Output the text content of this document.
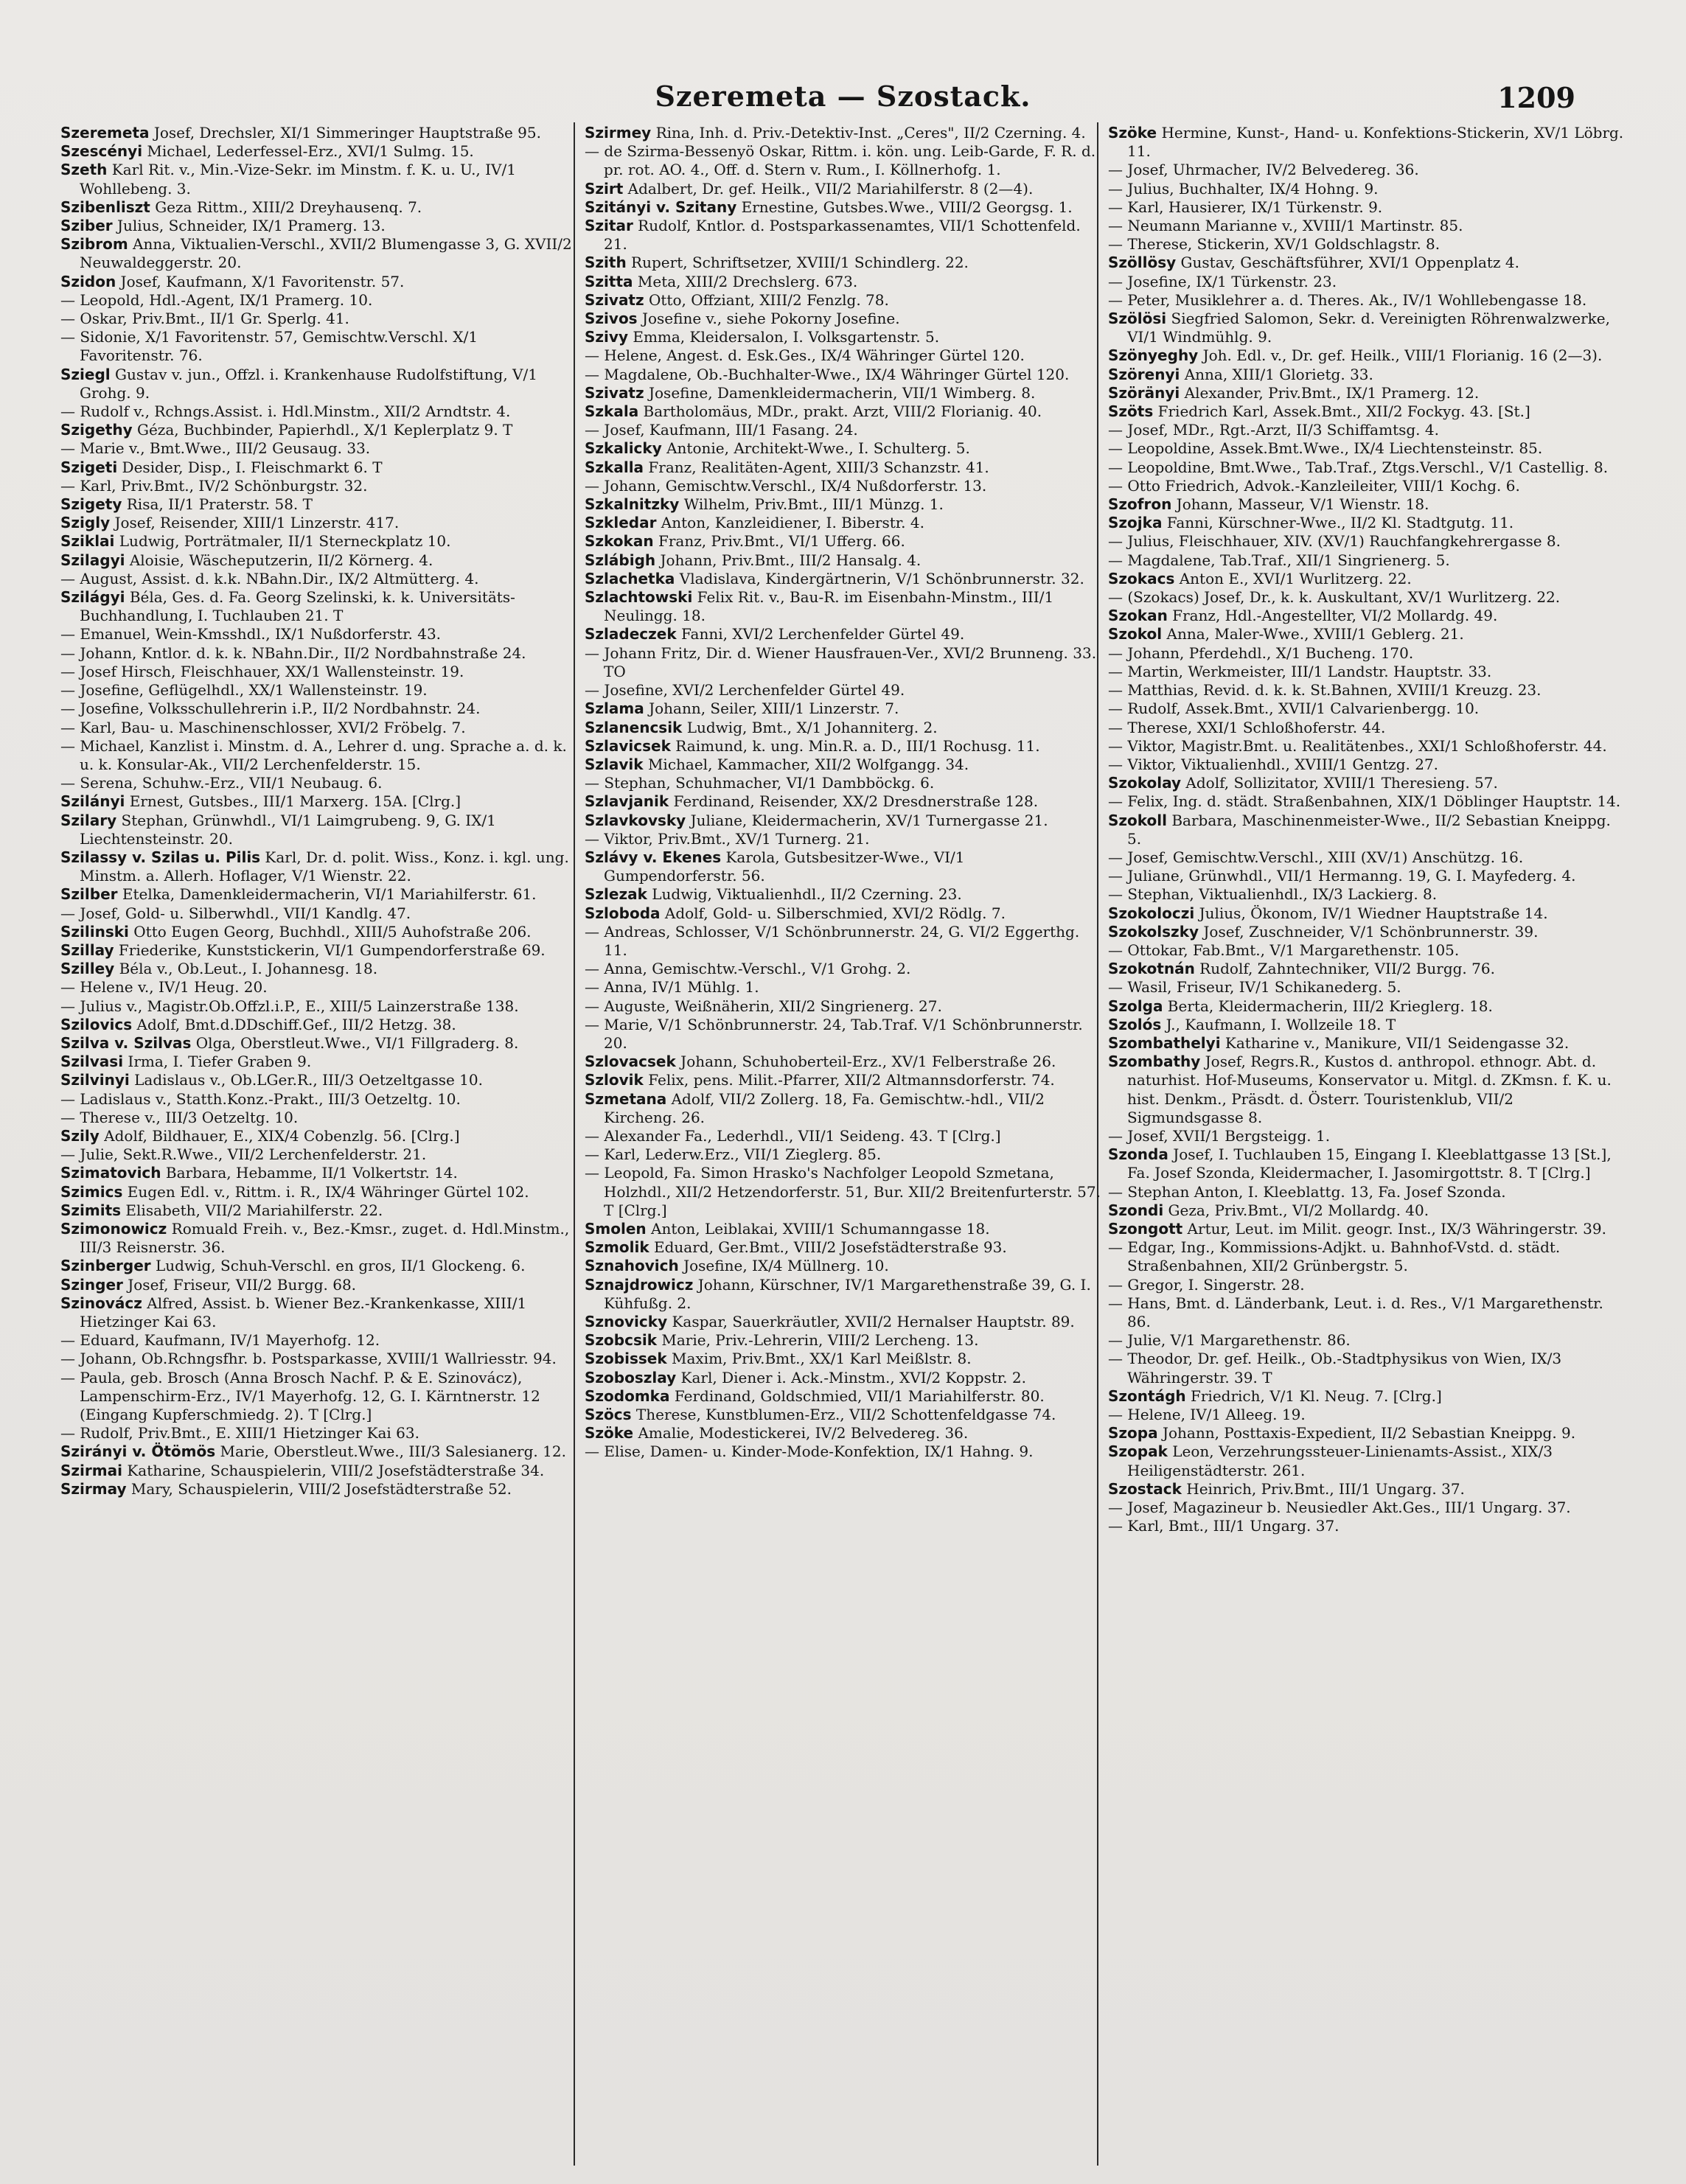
Szeremeta — Szostack.	1209

Szeremeta Josef, Drechsler, XI/1 Simmeringer Hauptstraße 95.

Szescényi Michael, Lederfessel-Erz., XVI/1 Sulmg. 15.

Szeth Karl Rit. v., Min.-Vize-Sekr. im Minstm. f. K. u. U., IV/1 Wohllebeng. 3.

Szibenliszt Geza Rittm., XIII/2 Dreyhausenq. 7.

Sziber Julius, Schneider, IX/1 Pramerg. 13.

Szibrom Anna, Viktualien-Verschl., XVII/2 Blumengasse 3, G. XVII/2 Neuwaldeggerstr. 20.

Szidon Josef, Kaufmann, X/1 Favoritenstr. 57.

— Leopold, Hdl.-Agent, IX/1 Pramerg. 10.

— Oskar, Priv.Bmt., II/1 Gr. Sperlg. 41.

— Sidonie, X/1 Favoritenstr. 57, Gemischtw.Verschl. X/1 Favoritenstr. 76.

Sziegl Gustav v. jun., Offzl. i. Krankenhause Rudolfstiftung, V/1 Grohg. 9.

— Rudolf v., Rchngs.Assist. i. Hdl.Minstm., XII/2 Arndtstr. 4.

Szigethy Géza, Buchbinder, Papierhdl., X/1 Keplerplatz 9. T

— Marie v., Bmt.Wwe., III/2 Geusaug. 33.

Szigeti Desider, Disp., I. Fleischmarkt 6. T

— Karl, Priv.Bmt., IV/2 Schönburgstr. 32.

Szigety Risa, II/1 Praterstr. 58. T

Szigly Josef, Reisender, XIII/1 Linzerstr. 417.

Sziklai Ludwig, Porträtmaler, II/1 Sterneckplatz 10.

Szilagyi Aloisie, Wäscheputzerin, II/2 Körnerg. 4.

— August, Assist. d. k.k. NBahn.Dir., IX/2 Altmütterg. 4.

Szilágyi Béla, Ges. d. Fa. Georg Szelinski, k. k. Universitäts-Buchhandlung, I. Tuchlauben 21. T

— Emanuel, Wein-Kmsshdl., IX/1 Nußdorferstr. 43.

— Johann, Kntlor. d. k. k. NBahn.Dir., II/2 Nordbahnstraße 24.

— Josef Hirsch, Fleischhauer, XX/1 Wallensteinstr. 19.

— Josefine, Geflügelhdl., XX/1 Wallensteinstr. 19.

— Josefine, Volksschullehrerin i.P., II/2 Nordbahnstr. 24.

— Karl, Bau- u. Maschinenschlosser, XVI/2 Fröbelg. 7.

— Michael, Kanzlist i. Minstm. d. A., Lehrer d. ung. Sprache a. d. k. u. k. Konsular-Ak., VII/2 Lerchenfelderstr. 15.

— Serena, Schuhw.-Erz., VII/1 Neubaug. 6.

Szilányi Ernest, Gutsbes., III/1 Marxerg. 15A. [Clrg.]

Szilary Stephan, Grünwhdl., VI/1 Laimgrubeng. 9, G. IX/1 Liechtensteinstr. 20.

Szilassy v. Szilas u. Pilis Karl, Dr. d. polit. Wiss., Konz. i. kgl. ung. Minstm. a. Allerh. Hoflager, V/1 Wienstr. 22.

Szilber Etelka, Damenkleidermacherin, VI/1 Mariahilferstr. 61.

— Josef, Gold- u. Silberwhdl., VII/1 Kandlg. 47.

Szilinski Otto Eugen Georg, Buchhdl., XIII/5 Auhofstraße 206.

Szillay Friederike, Kunststickerin, VI/1 Gumpendorferstraße 69.

Szilley Béla v., Ob.Leut., I. Johannesg. 18.

— Helene v., IV/1 Heug. 20.

— Julius v., Magistr.Ob.Offzl.i.P., E., XIII/5 Lainzerstraße 138.

Szilovics Adolf, Bmt.d.DDschiff.Gef., III/2 Hetzg. 38.

Szilva v. Szilvas Olga, Oberstleut.Wwe., VI/1 Fillgraderg. 8.

Szilvasi Irma, I. Tiefer Graben 9.

Szilvinyi Ladislaus v., Ob.LGer.R., III/3 Oetzeltgasse 10.

— Ladislaus v., Statth.Konz.-Prakt., III/3 Oetzeltg. 10.

— Therese v., III/3 Oetzeltg. 10.

Szily Adolf, Bildhauer, E., XIX/4 Cobenzlg. 56. [Clrg.]

— Julie, Sekt.R.Wwe., VII/2 Lerchenfelderstr. 21.

Szimatovich Barbara, Hebamme, II/1 Volkertstr. 14.

Szimics Eugen Edl. v., Rittm. i. R., IX/4 Währinger Gürtel 102.

Szimits Elisabeth, VII/2 Mariahilferstr. 22.

Szimonowicz Romuald Freih. v., Bez.-Kmsr., zuget. d. Hdl.Minstm., III/3 Reisnerstr. 36.

Szinberger Ludwig, Schuh-Verschl. en gros, II/1 Glockeng. 6.

Szinger Josef, Friseur, VII/2 Burgg. 68.

Szinovácz Alfred, Assist. b. Wiener Bez.-Krankenkasse, XIII/1 Hietzinger Kai 63.

— Eduard, Kaufmann, IV/1 Mayerhofg. 12.

— Johann, Ob.Rchngsfhr. b. Postsparkasse, XVIII/1 Wallriesstr. 94.

— Paula, geb. Brosch (Anna Brosch Nachf. P. & E. Szinovácz), Lampenschirm-Erz., IV/1 Mayerhofg. 12, G. I. Kärntnerstr. 12 (Eingang Kupferschmiedg. 2). T [Clrg.]

— Rudolf, Priv.Bmt., E. XIII/1 Hietzinger Kai 63.

Szirányi v. Ötömös Marie, Oberstleut.Wwe., III/3 Salesianerg. 12.

Szirmai Katharine, Schauspielerin, VIII/2 Josefstädterstraße 34.

Szirmay Mary, Schauspielerin, VIII/2 Josefstädterstraße 52.

Szirmey Rina, Inh. d. Priv.-Detektiv-Inst. „Ceres", II/2 Czerning. 4.

— de Szirma-Bessenyö Oskar, Rittm. i. kön. ung. Leib-Garde, F. R. d. pr. rot. AO. 4., Off. d. Stern v. Rum., I. Köllnerhofg. 1.

Szirt Adalbert, Dr. gef. Heilk., VII/2 Mariahilferstr. 8 (2—4).

Szitányi v. Szitany Ernestine, Gutsbes.Wwe., VIII/2 Georgsg. 1.

Szitar Rudolf, Kntlor. d. Postsparkassenamtes, VII/1 Schottenfeld. 21.

Szith Rupert, Schriftsetzer, XVIII/1 Schindlerg. 22.

Szitta Meta, XIII/2 Drechslerg. 673.

Szivatz Otto, Offziant, XIII/2 Fenzlg. 78.

Szivos Josefine v., siehe Pokorny Josefine.

Szivy Emma, Kleidersalon, I. Volksgartenstr. 5.

— Helene, Angest. d. Esk.Ges., IX/4 Währinger Gürtel 120.

— Magdalene, Ob.-Buchhalter-Wwe., IX/4 Währinger Gürtel 120.

Szivatz Josefine, Damenkleidermacherin, VII/1 Wimberg. 8.

Szkala Bartholomäus, MDr., prakt. Arzt, VIII/2 Florianig. 40.

— Josef, Kaufmann, III/1 Fasang. 24.

Szkalicky Antonie, Architekt-Wwe., I. Schulterg. 5.

Szkalla Franz, Realitäten-Agent, XIII/3 Schanzstr. 41.

— Johann, Gemischtw.Verschl., IX/4 Nußdorferstr. 13.

Szkalnitzky Wilhelm, Priv.Bmt., III/1 Münzg. 1.

Szkledar Anton, Kanzleidiener, I. Biberstr. 4.

Szkokan Franz, Priv.Bmt., VI/1 Ufferg. 66.

Szlábigh Johann, Priv.Bmt., III/2 Hansalg. 4.

Szlachetka Vladislava, Kindergärtnerin, V/1 Schönbrunnerstr. 32.

Szlachtowski Felix Rit. v., Bau-R. im Eisenbahn-Minstm., III/1 Neulingg. 18.

Szladeczek Fanni, XVI/2 Lerchenfelder Gürtel 49.

— Johann Fritz, Dir. d. Wiener Hausfrauen-Ver., XVI/2 Brunneng. 33. TO

— Josefine, XVI/2 Lerchenfelder Gürtel 49.

Szlama Johann, Seiler, XIII/1 Linzerstr. 7.

Szlanencsik Ludwig, Bmt., X/1 Johanniterg. 2.

Szlavicsek Raimund, k. ung. Min.R. a. D., III/1 Rochusg. 11.

Szlavik Michael, Kammacher, XII/2 Wolfgangg. 34.

— Stephan, Schuhmacher, VI/1 Dambböckg. 6.

Szlavjanik Ferdinand, Reisender, XX/2 Dresdnerstraße 128.

Szlavkovsky Juliane, Kleidermacherin, XV/1 Turnergasse 21.

— Viktor, Priv.Bmt., XV/1 Turnerg. 21.

Szlávy v. Ekenes Karola, Gutsbesitzer-Wwe., VI/1 Gumpendorferstr. 56.

Szlezak Ludwig, Viktualienhdl., II/2 Czerning. 23.

Szloboda Adolf, Gold- u. Silberschmied, XVI/2 Rödlg. 7.

— Andreas, Schlosser, V/1 Schönbrunnerstr. 24, G. VI/2 Eggerthg. 11.

— Anna, Gemischtw.-Verschl., V/1 Grohg. 2.

— Anna, IV/1 Mühlg. 1.

— Auguste, Weißnäherin, XII/2 Singrienerg. 27.

— Marie, V/1 Schönbrunnerstr. 24, Tab.Traf. V/1 Schönbrunnerstr. 20.

Szlovacsek Johann, Schuhoberteil-Erz., XV/1 Felberstraße 26.

Szlovik Felix, pens. Milit.-Pfarrer, XII/2 Altmannsdorferstr. 74.

Szmetana Adolf, VII/2 Zollerg. 18, Fa. Gemischtw.-hdl., VII/2 Kircheng. 26.

— Alexander Fa., Lederhdl., VII/1 Seideng. 43. T [Clrg.]

— Karl, Lederw.Erz., VII/1 Zieglerg. 85.

— Leopold, Fa. Simon Hrasko's Nachfolger Leopold Szmetana, Holzhdl., XII/2 Hetzendorferstr. 51, Bur. XII/2 Breitenfurterstr. 57. T [Clrg.]

Smolen Anton, Leiblakai, XVIII/1 Schumanngasse 18.

Szmolik Eduard, Ger.Bmt., VIII/2 Josefstädterstraße 93.

Sznahovich Josefine, IX/4 Müllnerg. 10.

Sznajdrowicz Johann, Kürschner, IV/1 Margarethenstraße 39, G. I. Kühfußg. 2.

Sznovicky Kaspar, Sauerkräutler, XVII/2 Hernalser Hauptstr. 89.

Szobcsik Marie, Priv.-Lehrerin, VIII/2 Lercheng. 13.

Szobissek Maxim, Priv.Bmt., XX/1 Karl Meißlstr. 8.

Szoboszlay Karl, Diener i. Ack.-Minstm., XVI/2 Koppstr. 2.

Szodomka Ferdinand, Goldschmied, VII/1 Mariahilferstr. 80.

Szöcs Therese, Kunstblumen-Erz., VII/2 Schottenfeldgasse 74.

Szöke Amalie, Modestickerei, IV/2 Belvedereg. 36.

— Elise, Damen- u. Kinder-Mode-Konfektion, IX/1 Hahng. 9.

Szöke Hermine, Kunst-, Hand- u. Konfektions-Stickerin, XV/1 Löbrg. 11.

— Josef, Uhrmacher, IV/2 Belvedereg. 36.

— Julius, Buchhalter, IX/4 Hohng. 9.

— Karl, Hausierer, IX/1 Türkenstr. 9.

— Neumann Marianne v., XVIII/1 Martinstr. 85.

— Therese, Stickerin, XV/1 Goldschlagstr. 8.

Szöllösy Gustav, Geschäftsführer, XVI/1 Oppenplatz 4.

— Josefine, IX/1 Türkenstr. 23.

— Peter, Musiklehrer a. d. Theres. Ak., IV/1 Wohllebengasse 18.

Szölösi Siegfried Salomon, Sekr. d. Vereinigten Röhrenwalzwerke, VI/1 Windmühlg. 9.

Szönyeghy Joh. Edl. v., Dr. gef. Heilk., VIII/1 Florianig. 16 (2—3).

Szörenyi Anna, XIII/1 Glorietg. 33.

Szöränyi Alexander, Priv.Bmt., IX/1 Pramerg. 12.

Szöts Friedrich Karl, Assek.Bmt., XII/2 Fockyg. 43. [St.]

— Josef, MDr., Rgt.-Arzt, II/3 Schiffamtsg. 4.

— Leopoldine, Assek.Bmt.Wwe., IX/4 Liechtensteinstr. 85.

— Leopoldine, Bmt.Wwe., Tab.Traf., Ztgs.Verschl., V/1 Castellig. 8.

— Otto Friedrich, Advok.-Kanzleileiter, VIII/1 Kochg. 6.

Szofron Johann, Masseur, V/1 Wienstr. 18.

Szojka Fanni, Kürschner-Wwe., II/2 Kl. Stadtgutg. 11.

— Julius, Fleischhauer, XIV. (XV/1) Rauchfangkehrergasse 8.

— Magdalene, Tab.Traf., XII/1 Singrienerg. 5.

Szokacs Anton E., XVI/1 Wurlitzerg. 22.

— (Szokacs) Josef, Dr., k. k. Auskultant, XV/1 Wurlitzerg. 22.

Szokan Franz, Hdl.-Angestellter, VI/2 Mollardg. 49.

Szokol Anna, Maler-Wwe., XVIII/1 Geblerg. 21.

— Johann, Pferdehdl., X/1 Bucheng. 170.

— Martin, Werkmeister, III/1 Landstr. Hauptstr. 33.

— Matthias, Revid. d. k. k. St.Bahnen, XVIII/1 Kreuzg. 23.

— Rudolf, Assek.Bmt., XVII/1 Calvarienbergg. 10.

— Therese, XXI/1 Schloßhoferstr. 44.

— Viktor, Magistr.Bmt. u. Realitätenbes., XXI/1 Schloßhoferstr. 44.

— Viktor, Viktualienhdl., XVIII/1 Gentzg. 27.

Szokolay Adolf, Sollizitator, XVIII/1 Theresieng. 57.

— Felix, Ing. d. städt. Straßenbahnen, XIX/1 Döblinger Hauptstr. 14.

Szokoll Barbara, Maschinenmeister-Wwe., II/2 Sebastian Kneippg. 5.

— Josef, Gemischtw.Verschl., XIII (XV/1) Anschützg. 16.

— Juliane, Grünwhdl., VII/1 Hermanng. 19, G. I. Mayfederg. 4.

— Stephan, Viktualienhdl., IX/3 Lackierg. 8.

Szokoloczi Julius, Ökonom, IV/1 Wiedner Hauptstraße 14.

Szokolszky Josef, Zuschneider, V/1 Schönbrunnerstr. 39.

— Ottokar, Fab.Bmt., V/1 Margarethenstr. 105.

Szokotnán Rudolf, Zahntechniker, VII/2 Burgg. 76.

— Wasil, Friseur, IV/1 Schikanederg. 5.

Szolga Berta, Kleidermacherin, III/2 Krieglerg. 18.

Szolós J., Kaufmann, I. Wollzeile 18. T

Szombathelyi Katharine v., Manikure, VII/1 Seidengasse 32.

Szombathy Josef, Regrs.R., Kustos d. anthropol. ethnogr. Abt. d. naturhist. Hof-Museums, Konservator u. Mitgl. d. ZKmsn. f. K. u. hist. Denkm., Präsdt. d. Österr. Touristenklub, VII/2 Sigmundsgasse 8.

— Josef, XVII/1 Bergsteigg. 1.

Szonda Josef, I. Tuchlauben 15, Eingang I. Kleeblattgasse 13 [St.], Fa. Josef Szonda, Kleidermacher, I. Jasomirgottstr. 8. T [Clrg.]

— Stephan Anton, I. Kleeblattg. 13, Fa. Josef Szonda.

Szondi Geza, Priv.Bmt., VI/2 Mollardg. 40.

Szongott Artur, Leut. im Milit. geogr. Inst., IX/3 Währingerstr. 39.

— Edgar, Ing., Kommissions-Adjkt. u. Bahnhof-Vstd. d. städt. Straßenbahnen, XII/2 Grünbergstr. 5.

— Gregor, I. Singerstr. 28.

— Hans, Bmt. d. Länderbank, Leut. i. d. Res., V/1 Margarethenstr. 86.

— Julie, V/1 Margarethenstr. 86.

— Theodor, Dr. gef. Heilk., Ob.-Stadtphysikus von Wien, IX/3 Währingerstr. 39. T

Szontágh Friedrich, V/1 Kl. Neug. 7. [Clrg.]

— Helene, IV/1 Alleeg. 19.

Szopa Johann, Posttaxis-Expedient, II/2 Sebastian Kneippg. 9.

Szopak Leon, Verzehrungssteuer-Linienamts-Assist., XIX/3 Heiligenstädterstr. 261.

Szostack Heinrich, Priv.Bmt., III/1 Ungarg. 37.

— Josef, Magazineur b. Neusiedler Akt.Ges., III/1 Ungarg. 37.

— Karl, Bmt., III/1 Ungarg. 37.
